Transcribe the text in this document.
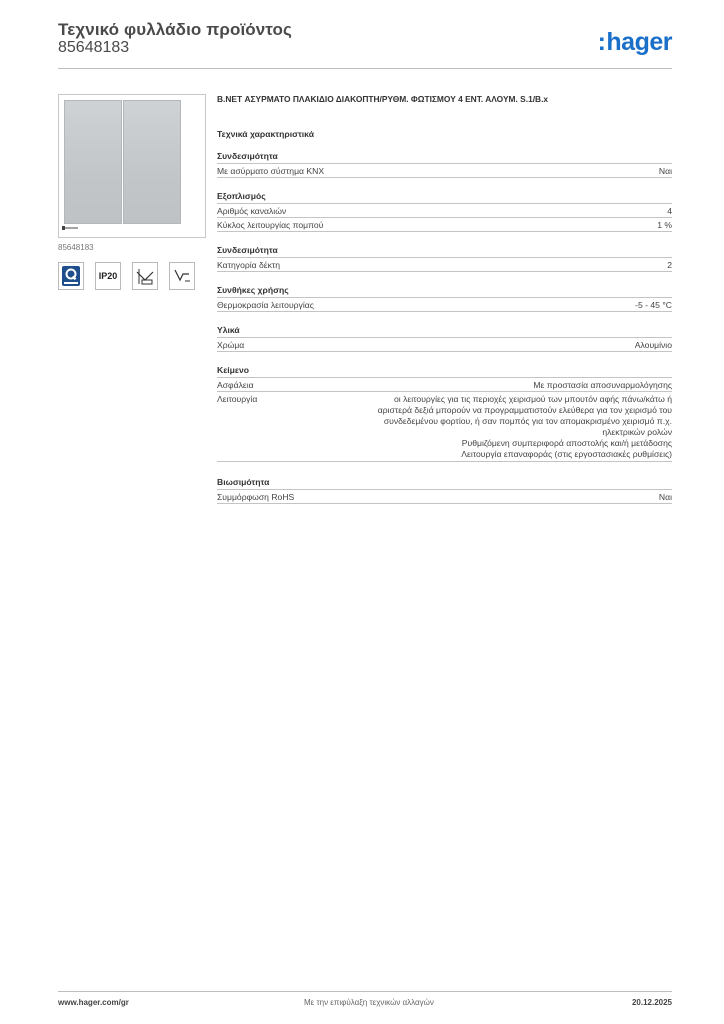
Τεχνικό φυλλάδιο προϊόντος
85648183	:hager
85648183
IP20
B.NET ΑΣΥΡΜΑΤΟ ΠΛΑΚΙΔΙΟ ΔΙΑΚΟΠΤΗ/ΡΥΘΜ. ΦΩΤΙΣΜΟΥ 4 ΕΝΤ. ΑΛΟΥΜ. S.1/B.x
Τεχνικά χαρακτηριστικά
Συνδεσιμότητα
Με ασύρματο σύστημα KNX	Ναι
Εξοπλισμός
Αριθμός καναλιών	4
Κύκλος λειτουργίας πομπού	1 %
Συνδεσιμότητα
Κατηγορία δέκτη	2
Συνθήκες χρήσης
Θερμοκρασία λειτουργίας	-5 - 45 °C
Υλικά
Χρώμα	Αλουμίνιο
Κείμενο
Ασφάλεια	Με προστασία αποσυναρμολόγησης
Λειτουργία	οι λειτουργίες για τις περιοχές χειρισμού των μπουτόν αφής πάνω/κάτω ή
αριστερά δεξιά μπορούν να προγραμματιστούν ελεύθερα για τον χειρισμό του
συνδεδεμένου φορτίου, ή σαν πομπός για τον απομακρισμένο χειρισμό π.χ.
ηλεκτρικών ρολών
Ρυθμιζόμενη συμπεριφορά αποστολής και/ή μετάδοσης
Λειτουργία επαναφοράς (στις εργοστασιακές ρυθμίσεις)
Βιωσιμότητα
Συμμόρφωση RoHS	Ναι
www.hager.com/gr	Με την επιφύλαξη τεχνικών αλλαγών	20.12.2025
